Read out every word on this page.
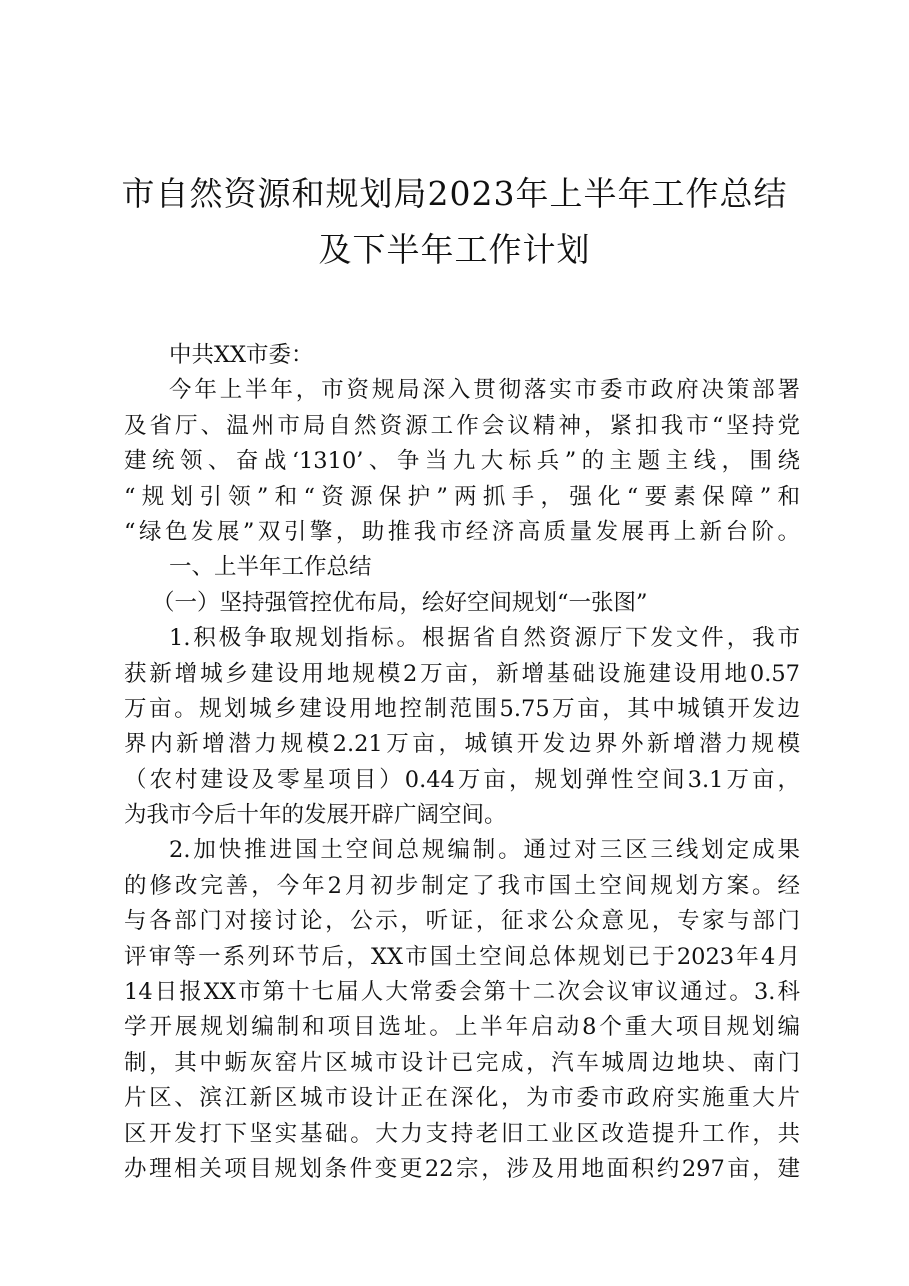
市自然资源和规划局2023年上半年工作总结
及下半年工作计划
中共XX市委：
今年上半年，市资规局深入贯彻落实市委市政府决策部署
及省厅、温州市局自然资源工作会议精神，紧扣我市“坚持党
建统领、奋战‘1310’、争当九大标兵”的主题主线，围绕
“规划引领”和“资源保护”两抓手，强化“要素保障”和
“绿色发展”双引擎，助推我市经济高质量发展再上新台阶。
一、上半年工作总结
（一）坚持强管控优布局，绘好空间规划“一张图”
1.积极争取规划指标。根据省自然资源厅下发文件，我市
获新增城乡建设用地规模2万亩，新增基础设施建设用地0.57
万亩。规划城乡建设用地控制范围5.75万亩，其中城镇开发边
界内新增潜力规模2.21万亩，城镇开发边界外新增潜力规模
（农村建设及零星项目）0.44万亩，规划弹性空间3.1万亩，
为我市今后十年的发展开辟广阔空间。
2.加快推进国土空间总规编制。通过对三区三线划定成果
的修改完善，今年2月初步制定了我市国土空间规划方案。经
与各部门对接讨论，公示，听证，征求公众意见，专家与部门
评审等一系列环节后，XX市国土空间总体规划已于2023年4月
14日报XX市第十七届人大常委会第十二次会议审议通过。3.科
学开展规划编制和项目选址。上半年启动8个重大项目规划编
制，其中蛎灰窑片区城市设计已完成，汽车城周边地块、南门
片区、滨江新区城市设计正在深化，为市委市政府实施重大片
区开发打下坚实基础。大力支持老旧工业区改造提升工作，共
办理相关项目规划条件变更22宗，涉及用地面积约297亩，建
